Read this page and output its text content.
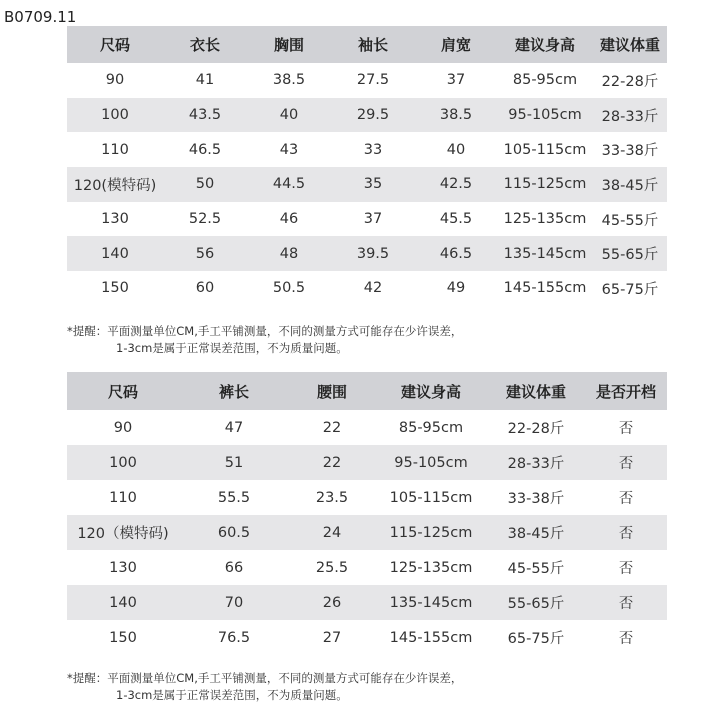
B0709.11
尺码	衣长	胸围	袖长	肩宽	建议身高	建议体重
90	41	38.5	27.5	37	85-95cm	22-28斤
100	43.5	40	29.5	38.5	95-105cm	28-33斤
110	46.5	43	33	40	105-115cm	33-38斤
120(模特码)	50	44.5	35	42.5	115-125cm	38-45斤
130	52.5	46	37	45.5	125-135cm	45-55斤
140	56	48	39.5	46.5	135-145cm	55-65斤
150	60	50.5	42	49	145-155cm	65-75斤
*提醒：平面测量单位CM,手工平铺测量，不同的测量方式可能存在少许误差，
1-3cm是属于正常误差范围，不为质量问题。
尺码	裤长	腰围	建议身高	建议体重	是否开档
90	47	22	85-95cm	22-28斤	否
100	51	22	95-105cm	28-33斤	否
110	55.5	23.5	105-115cm	33-38斤	否
120（模特码)	60.5	24	115-125cm	38-45斤	否
130	66	25.5	125-135cm	45-55斤	否
140	70	26	135-145cm	55-65斤	否
150	76.5	27	145-155cm	65-75斤	否
*提醒：平面测量单位CM,手工平铺测量，不同的测量方式可能存在少许误差，
1-3cm是属于正常误差范围，不为质量问题。
